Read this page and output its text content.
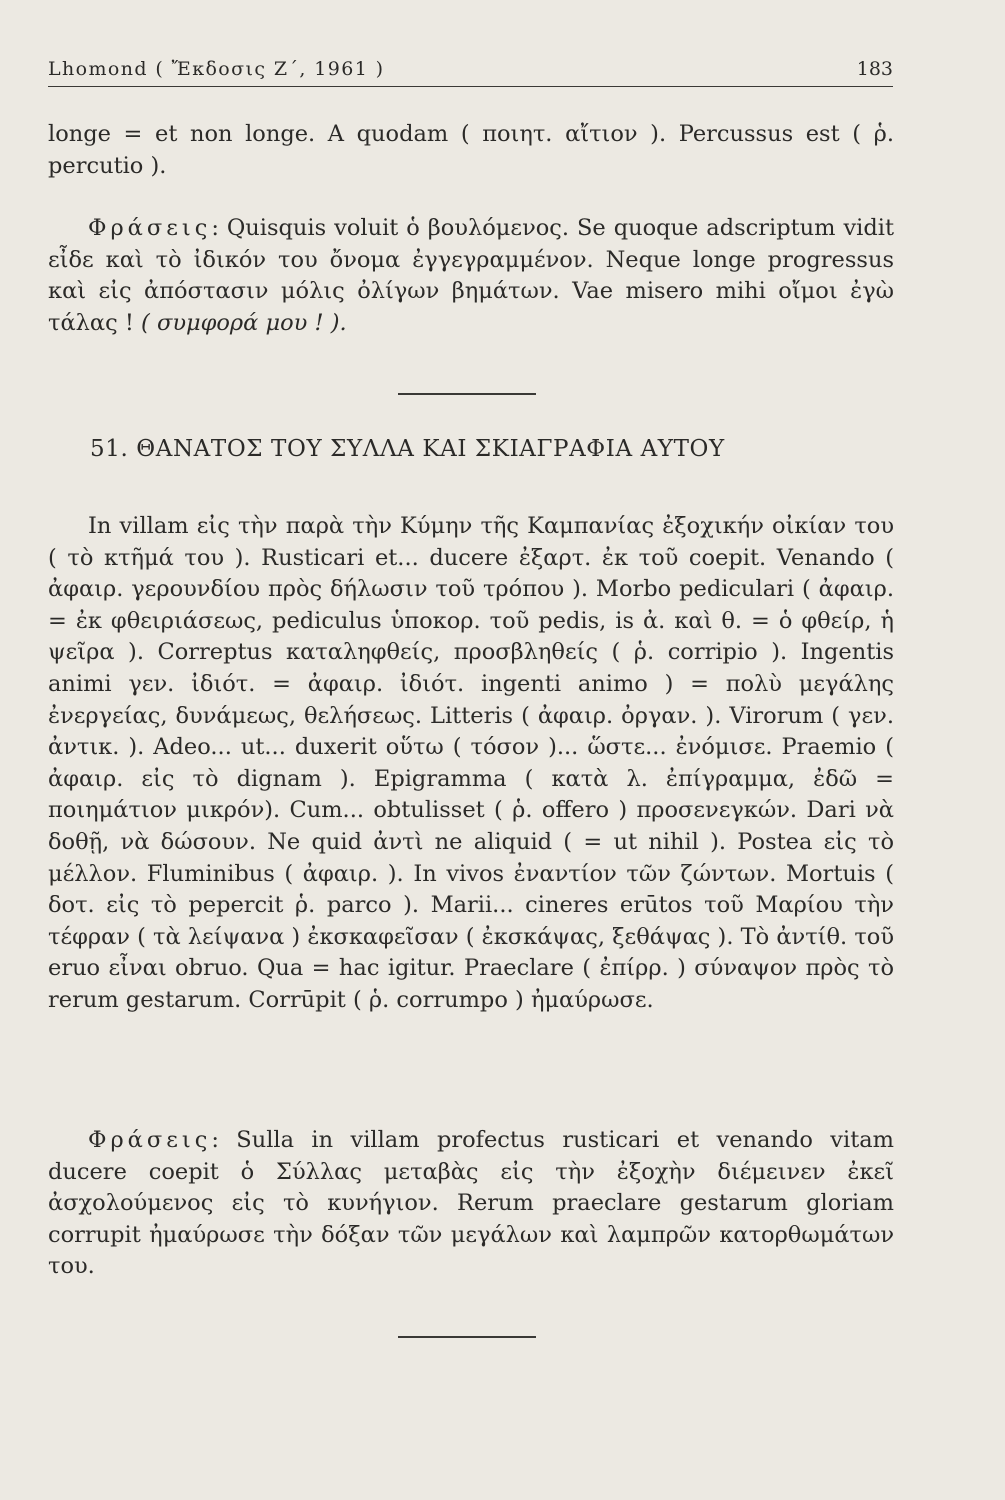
Lhomond ( Ἔκδοσις Ζ΄, 1961 )	183
longe = et non longe. A quodam ( ποιητ. αἴτιον ). Percussus est ( ῥ. percutio ).
Φράσεις: Quisquis voluit ὁ βουλόμενος. Se quoque adscriptum vidit εἶδε καὶ τὸ ἰδικόν του ὄνομα ἐγγεγραμμένον. Neque longe progressus καὶ εἰς ἀπόστασιν μόλις ὀλίγων βημάτων. Vae misero mihi οἴμοι ἐγὼ τάλας ! ( συμφορά μου ! ).
51. ΘΑΝΑΤΟΣ ΤΟΥ ΣΥΛΛΑ ΚΑΙ ΣΚΙΑΓΡΑΦΙΑ ΑΥΤΟΥ
In villam εἰς τὴν παρὰ τὴν Κύμην τῆς Καμπανίας ἐξοχικήν οἰκίαν του ( τὸ κτῆμά του ). Rusticari et... ducere ἐξαρτ. ἐκ τοῦ coepit. Venando ( ἀφαιρ. γερουνδίου πρὸς δήλωσιν τοῦ τρόπου ). Morbo pediculari ( ἀφαιρ. = ἐκ φθειριάσεως, pediculus ὑποκορ. τοῦ pedis, is ἀ. καὶ θ. = ὁ φθείρ, ἡ ψεῖρα ). Correptus καταληφθείς, προσβληθείς ( ῥ. corripio ). Ingentis animi γεν. ἰδιότ. = ἀφαιρ. ἰδιότ. ingenti animo ) = πολὺ μεγάλης ἐνεργείας, δυνάμεως, θελήσεως. Litteris ( ἀφαιρ. ὀργαν. ). Virorum ( γεν. ἀντικ. ). Adeo... ut... duxerit οὕτω ( τόσον )... ὥστε... ἐνόμισε. Praemio ( ἀφαιρ. εἰς τὸ dignam ). Epigramma ( κατὰ λ. ἐπίγραμμα, ἐδῶ = ποιημάτιον μικρόν). Cum... obtulisset ( ῥ. offero ) προσενεγκών. Dari νὰ δοθῇ, νὰ δώσουν. Ne quid ἀντὶ ne aliquid ( = ut nihil ). Postea εἰς τὸ μέλλον. Fluminibus ( ἀφαιρ. ). In vivos ἐναντίον τῶν ζώντων. Mortuis ( δοτ. εἰς τὸ pepercit ῥ. parco ). Marii... cineres erūtos τοῦ Μαρίου τὴν τέφραν ( τὰ λείψανα ) ἐκσκαφεῖσαν ( ἐκσκάψας, ξεθάψας ). Τὸ ἀντίθ. τοῦ eruo εἶναι obruo. Qua = hac igitur. Praeclare ( ἐπίρρ. ) σύναψον πρὸς τὸ rerum gestarum. Corrūpit ( ῥ. corrumpo ) ἠμαύρωσε.
Φράσεις: Sulla in villam profectus rusticari et venando vitam ducere coepit ὁ Σύλλας μεταβὰς εἰς τὴν ἐξοχὴν διέμεινεν ἐκεῖ ἀσχολούμενος εἰς τὸ κυνήγιον. Rerum praeclare gestarum gloriam corrupit ἠμαύρωσε τὴν δόξαν τῶν μεγάλων καὶ λαμπρῶν κατορθωμάτων του.
